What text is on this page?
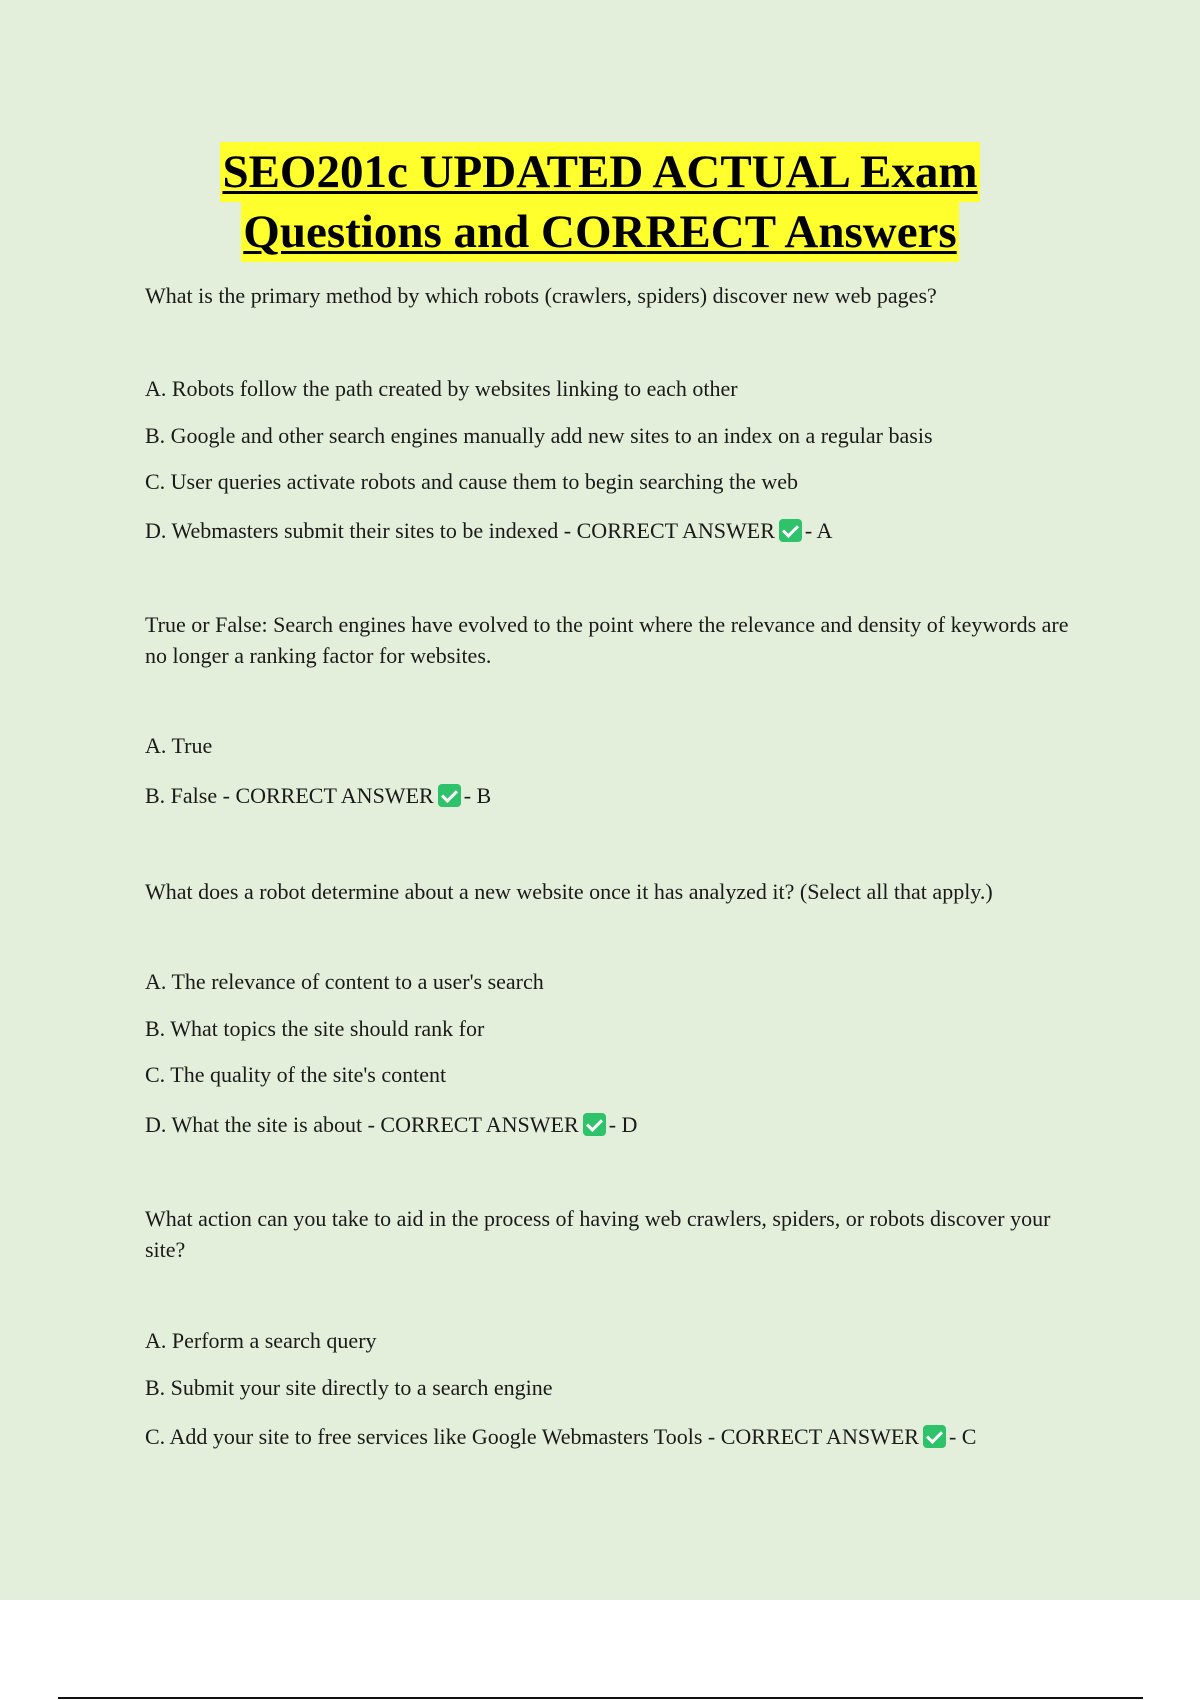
SEO201c UPDATED ACTUAL Exam
Questions and CORRECT Answers

What is the primary method by which robots (crawlers, spiders) discover new web pages?

A. Robots follow the path created by websites linking to each other

B. Google and other search engines manually add new sites to an index on a regular basis

C. User queries activate robots and cause them to begin searching the web

D. Webmasters submit their sites to be indexed - CORRECT ANSWER - A

True or False: Search engines have evolved to the point where the relevance and density of keywords are no longer a ranking factor for websites.

A. True

B. False - CORRECT ANSWER - B

What does a robot determine about a new website once it has analyzed it? (Select all that apply.)

A. The relevance of content to a user's search

B. What topics the site should rank for

C. The quality of the site's content

D. What the site is about - CORRECT ANSWER - D

What action can you take to aid in the process of having web crawlers, spiders, or robots discover your site?

A. Perform a search query

B. Submit your site directly to a search engine

C. Add your site to free services like Google Webmasters Tools - CORRECT ANSWER - C
